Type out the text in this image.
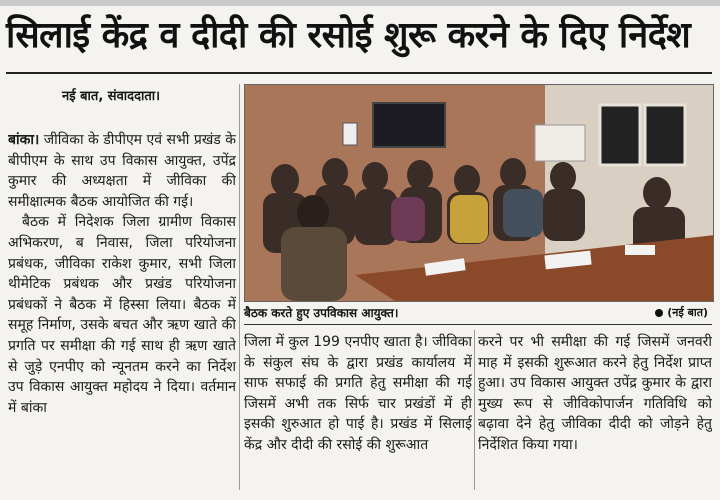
सिलाई केंद्र व दीदी की रसोई शुरू करने के दिए निर्देश
नई बात, संवाददाता।

बांका। जीविका के डीपीएम एवं सभी प्रखंड के बीपीएम के साथ उप विकास आयुक्त, उपेंद्र कुमार की अध्यक्षता में जीविका की समीक्षात्मक बैठक आयोजित की गई।

बैठक में निदेशक जिला ग्रामीण विकास अभिकरण, ब निवास, जिला परियोजना प्रबंधक, जीविका राकेश कुमार, सभी जिला थीमेटिक प्रबंधक और प्रखंड परियोजना प्रबंधकों ने बैठक में हिस्सा लिया। बैठक में समूह निर्माण, उसके बचत और ऋण खाते की प्रगति पर समीक्षा की गई साथ ही ऋण खाते से जुड़े एनपीए को न्यूनतम करने का निर्देश उप विकास आयुक्त महोदय ने दिया। वर्तमान में बांका

बैठक करते हुए उपविकास आयुक्त।	(नई बात)

जिला में कुल 199 एनपीए खाता है। जीविका के संकुल संघ के द्वारा प्रखंड कार्यालय में साफ सफाई की प्रगति हेतु समीक्षा की गई जिसमें अभी तक सिर्फ चार प्रखंडों में ही इसकी शुरुआत हो पाई है। प्रखंड में सिलाई केंद्र और दीदी की रसोई की शुरूआत

करने पर भी समीक्षा की गई जिसमें जनवरी माह में इसकी शुरूआत करने हेतु निर्देश प्राप्त हुआ। उप विकास आयुक्त उपेंद्र कुमार के द्वारा मुख्य रूप से जीविकोपार्जन गतिविधि को बढ़ावा देने हेतु जीविका दीदी को जोड़ने हेतु निर्देशित किया गया।
